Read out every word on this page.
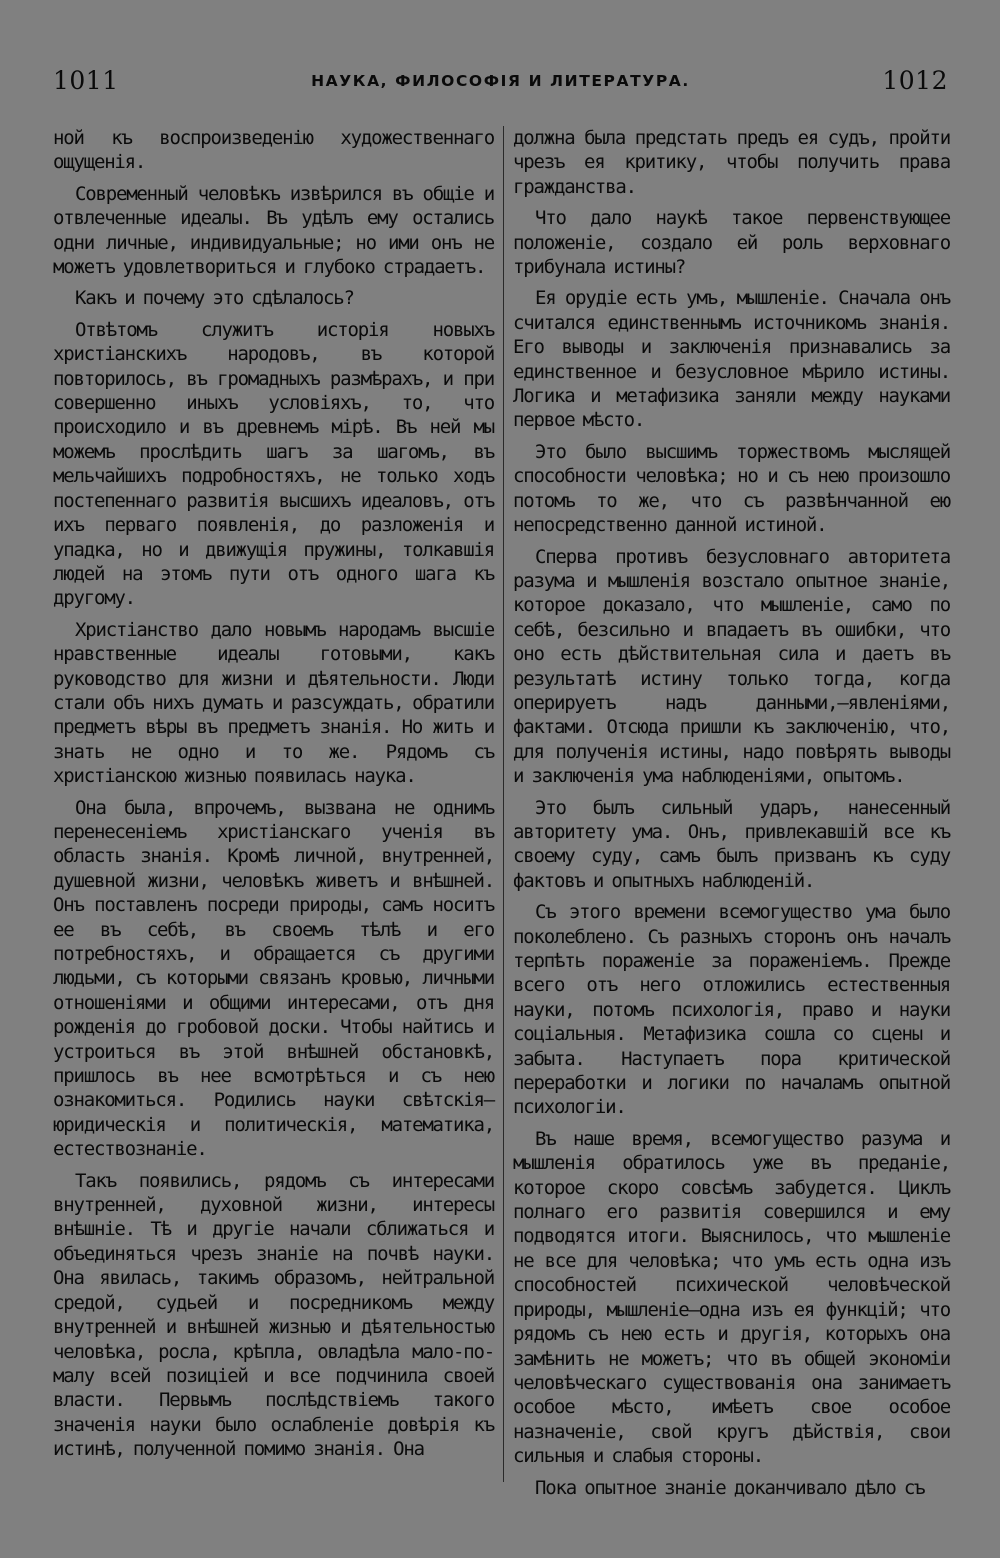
1011	НАУКА, ФИЛОСОФІЯ И ЛИТЕРАТУРА.	1012

ной къ воспроизведенію художественнаго ощущенія.

Современный человѣкъ извѣрился въ общіе и отвлеченные идеалы. Въ удѣлъ ему остались одни личные, индивидуальные; но ими онъ не можетъ удовлетвориться и глубоко страдаетъ.

Какъ и почему это сдѣлалось?

Отвѣтомъ служитъ исторія новыхъ христіанскихъ народовъ, въ которой повторилось, въ громадныхъ размѣрахъ, и при совершенно иныхъ условіяхъ, то, что происходило и въ древнемъ мірѣ. Въ ней мы можемъ прослѣдить шагъ за шагомъ, въ мельчайшихъ подробностяхъ, не только ходъ постепеннаго развитія высшихъ идеаловъ, отъ ихъ перваго появленія, до разложенія и упадка, но и движущія пружины, толкавшія людей на этомъ пути отъ одного шага къ другому.

Христіанство дало новымъ народамъ высшіе нравственные идеалы готовыми, какъ руководство для жизни и дѣятельности. Люди стали объ нихъ думать и разсуждать, обратили предметъ вѣры въ предметъ знанія. Но жить и знать не одно и то же. Рядомъ съ христіанскою жизнью появилась наука.

Она была, впрочемъ, вызвана не однимъ перенесеніемъ христіанскаго ученія въ область знанія. Кромѣ личной, внутренней, душевной жизни, человѣкъ живетъ и внѣшней. Онъ поставленъ посреди природы, самъ носитъ ее въ себѣ, въ своемъ тѣлѣ и его потребностяхъ, и обращается съ другими людьми, съ которыми связанъ кровью, личными отношеніями и общими интересами, отъ дня рожденія до гробовой доски. Чтобы найтись и устроиться въ этой внѣшней обстановкѣ, пришлось въ нее всмотрѣться и съ нею ознакомиться. Родились науки свѣтскія—юридическія и политическія, математика, естествознаніе.

Такъ появились, рядомъ съ интересами внутренней, духовной жизни, интересы внѣшніе. Тѣ и другіе начали сближаться и объединяться чрезъ знаніе на почвѣ науки. Она явилась, такимъ образомъ, нейтральной средой, судьей и посредникомъ между внутренней и внѣшней жизнью и дѣятельностью человѣка, росла, крѣпла, овладѣла мало-по-малу всей позиціей и все подчинила своей власти. Первымъ послѣдствіемъ такого значенія науки было ослабленіе довѣрія къ истинѣ, полученной помимо знанія. Она

должна была предстать предъ ея судъ, пройти чрезъ ея критику, чтобы получить права гражданства.

Что дало наукѣ такое первенствующее положеніе, создало ей роль верховнаго трибунала истины?

Ея орудіе есть умъ, мышленіе. Сначала онъ считался единственнымъ источникомъ знанія. Его выводы и заключенія признавались за единственное и безусловное мѣрило истины. Логика и метафизика заняли между науками первое мѣсто.

Это было высшимъ торжествомъ мыслящей способности человѣка; но и съ нею произошло потомъ то же, что съ развѣнчанной ею непосредственно данной истиной.

Сперва противъ безусловнаго авторитета разума и мышленія возстало опытное знаніе, которое доказало, что мышленіе, само по себѣ, безсильно и впадаетъ въ ошибки, что оно есть дѣйствительная сила и даетъ въ результатѣ истину только тогда, когда оперируетъ надъ данными,—явленіями, фактами. Отсюда пришли къ заключенію, что, для полученія истины, надо повѣрять выводы и заключенія ума наблюденіями, опытомъ.

Это былъ сильный ударъ, нанесенный авторитету ума. Онъ, привлекавшій все къ своему суду, самъ былъ призванъ къ суду фактовъ и опытныхъ наблюденій.

Съ этого времени всемогущество ума было поколеблено. Съ разныхъ сторонъ онъ началъ терпѣть пораженіе за пораженіемъ. Прежде всего отъ него отложились естественныя науки, потомъ психологія, право и науки соціальныя. Метафизика сошла со сцены и забыта. Наступаетъ пора критической переработки и логики по началамъ опытной психологіи.

Въ наше время, всемогущество разума и мышленія обратилось уже въ преданіе, которое скоро совсѣмъ забудется. Циклъ полнаго его развитія совершился и ему подводятся итоги. Выяснилось, что мышленіе не все для человѣка; что умъ есть одна изъ способностей психической человѣческой природы, мышленіе—одна изъ ея функцій; что рядомъ съ нею есть и другія, которыхъ она замѣнить не можетъ; что въ общей экономіи человѣческаго существованія она занимаетъ особое мѣсто, имѣетъ свое особое назначеніе, свой кругъ дѣйствія, свои сильныя и слабыя стороны.

Пока опытное знаніе доканчивало дѣло съ
